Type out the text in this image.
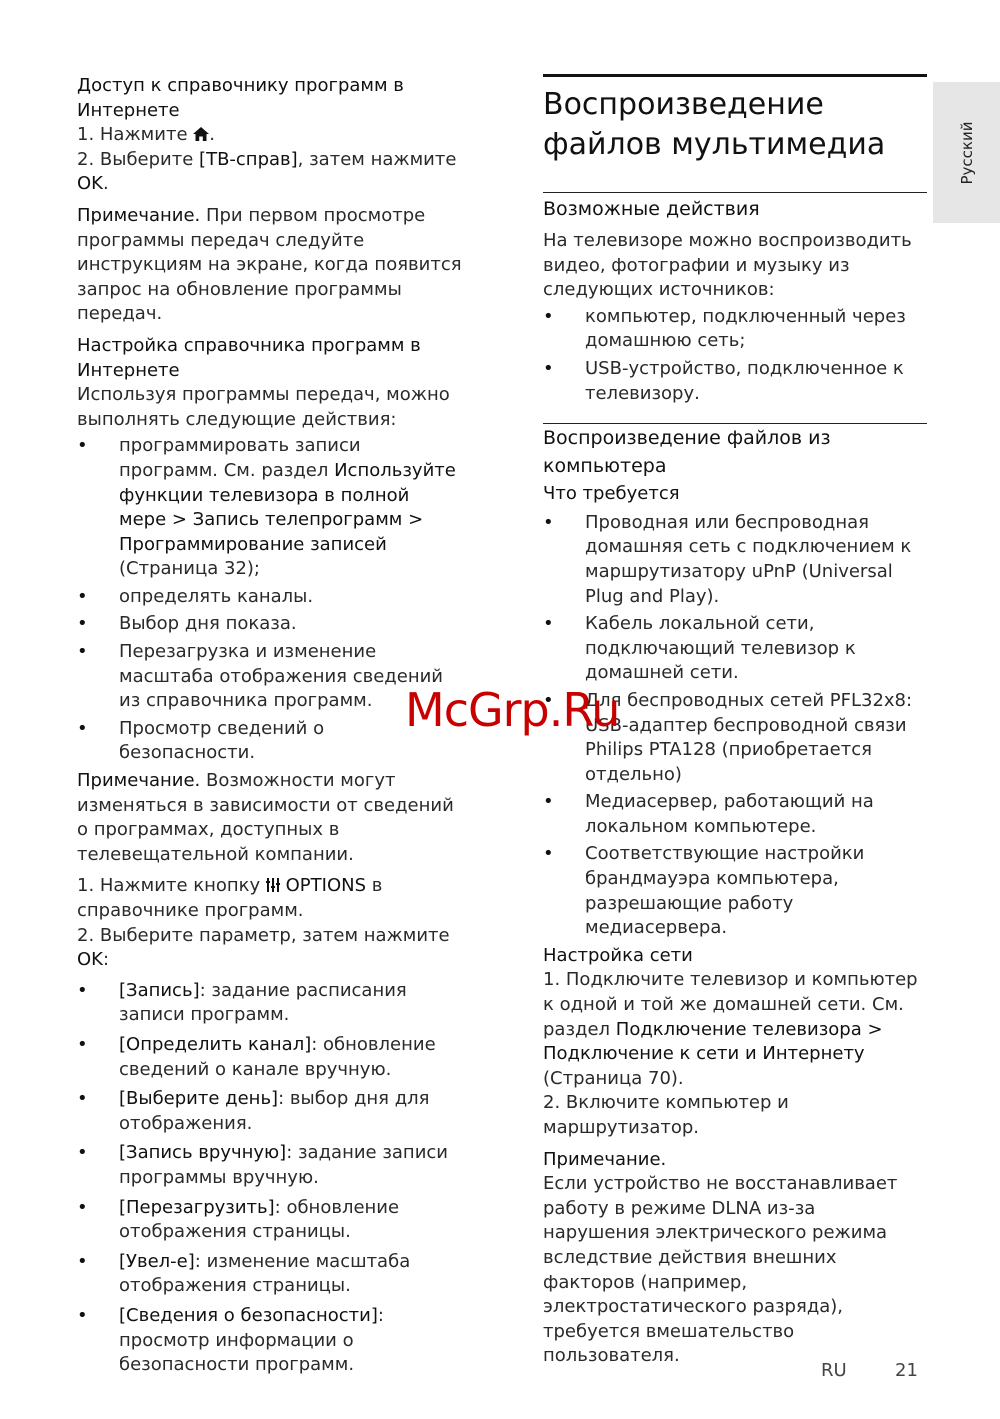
Доступ к справочнику программ в Интернете

1. Нажмите .

2. Выберите [ТВ-справ], затем нажмите OK.

Примечание. При первом просмотре программы передач следуйте инструкциям на экране, когда появится запрос на обновление программы передач.

Настройка справочника программ в Интернете

Используя программы передач, можно выполнять следующие действия:

• программировать записи программ. См. раздел Используйте функции телевизора в полной мере > Запись телепрограмм > Программирование записей (Страница 32);
• определять каналы.
• Выбор дня показа.
• Перезагрузка и изменение масштаба отображения сведений из справочника программ.
• Просмотр сведений о безопасности.

Примечание. Возможности могут изменяться в зависимости от сведений о программах, доступных в телевещательной компании.

1. Нажмите кнопку  OPTIONS в справочнике программ.

2. Выберите параметр, затем нажмите OK:

• [Запись]: задание расписания записи программ.
• [Определить канал]: обновление сведений о канале вручную.
• [Выберите день]: выбор дня для отображения.
• [Запись вручную]: задание записи программы вручную.
• [Перезагрузить]: обновление отображения страницы.
• [Увел-е]: изменение масштаба отображения страницы.
• [Сведения о безопасности]: просмотр информации о безопасности программ.

Воспроизведение файлов мультимедиа

Возможные действия

На телевизоре можно воспроизводить видео, фотографии и музыку из следующих источников:

• компьютер, подключенный через домашнюю сеть;
• USB-устройство, подключенное к телевизору.

Воспроизведение файлов из компьютера

Что требуется

• Проводная или беспроводная домашняя сеть с подключением к маршрутизатору uPnP (Universal Plug and Play).
• Кабель локальной сети, подключающий телевизор к домашней сети.
• Для беспроводных сетей PFL32x8: USB-адаптер беспроводной связи Philips PTA128 (приобретается отдельно)
• Медиасервер, работающий на локальном компьютере.
• Соответствующие настройки брандмауэра компьютера, разрешающие работу медиасервера.

Настройка сети

1. Подключите телевизор и компьютер к одной и той же домашней сети. См. раздел Подключение телевизора > Подключение к сети и Интернету (Страница 70).

2. Включите компьютер и маршрутизатор.

Примечание.

Если устройство не восстанавливает работу в режиме DLNA из-за нарушения электрического режима вследствие действия внешних факторов (например, электростатического разряда), требуется вмешательство пользователя.

Русский
McGrp.Ru
RU	21
